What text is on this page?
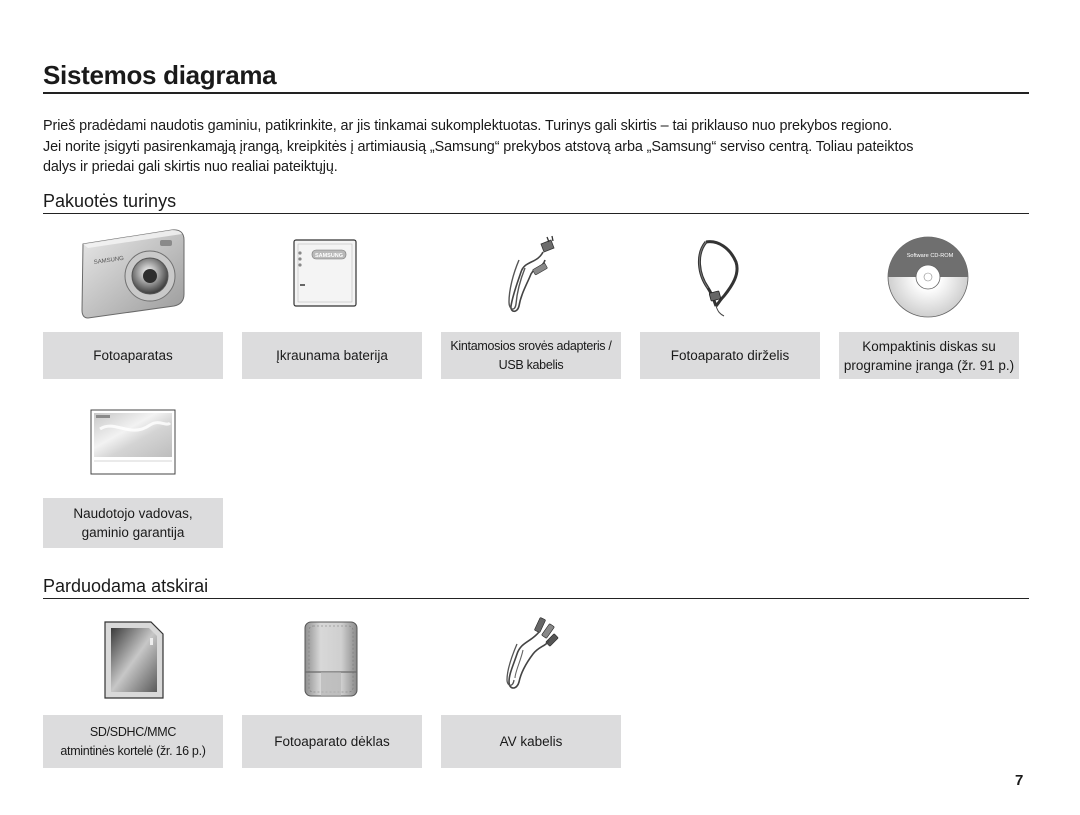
Sistemos diagrama

Prieš pradėdami naudotis gaminiu, patikrinkite, ar jis tinkamai sukomplektuotas. Turinys gali skirtis – tai priklauso nuo prekybos regiono.

Jei norite įsigyti pasirenkamąją įrangą, kreipkitės į artimiausią „Samsung“ prekybos atstovą arba „Samsung“ serviso centrą. Toliau pateiktos

dalys ir priedai gali skirtis nuo realiai pateiktųjų.

Pakuotės turinys
SAMSUNG
Fotoaparatas
SAMSUNG
Įkraunama baterija
Kintamosios srovės adapteris /
USB kabelis
Fotoaparato dirželis
Software CD-ROM
Kompaktinis diskas su
programine įranga (žr. 91 p.)
Naudotojo vadovas,
gaminio garantija
Parduodama atskirai
SD/SDHC/MMC
atmintinės kortelė (žr. 16 p.)
Fotoaparato dėklas	AV kabelis
7
